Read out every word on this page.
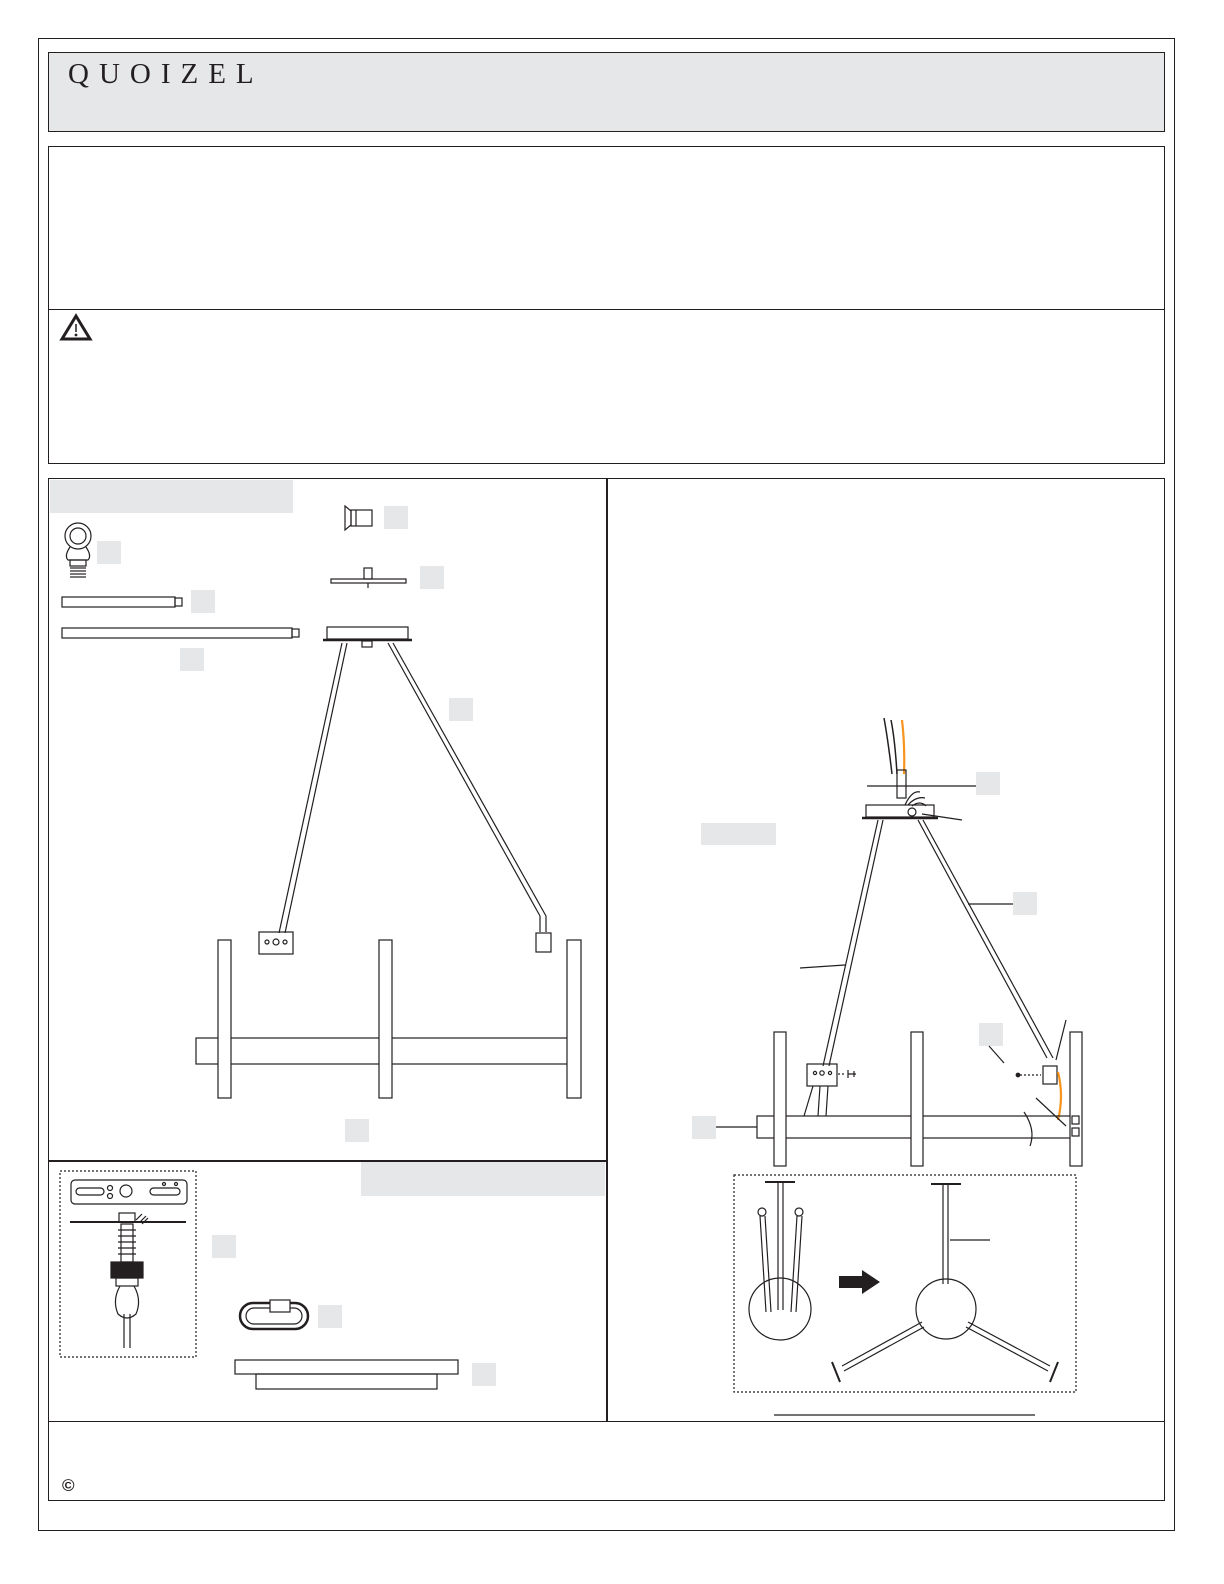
QUOIZEL
©
